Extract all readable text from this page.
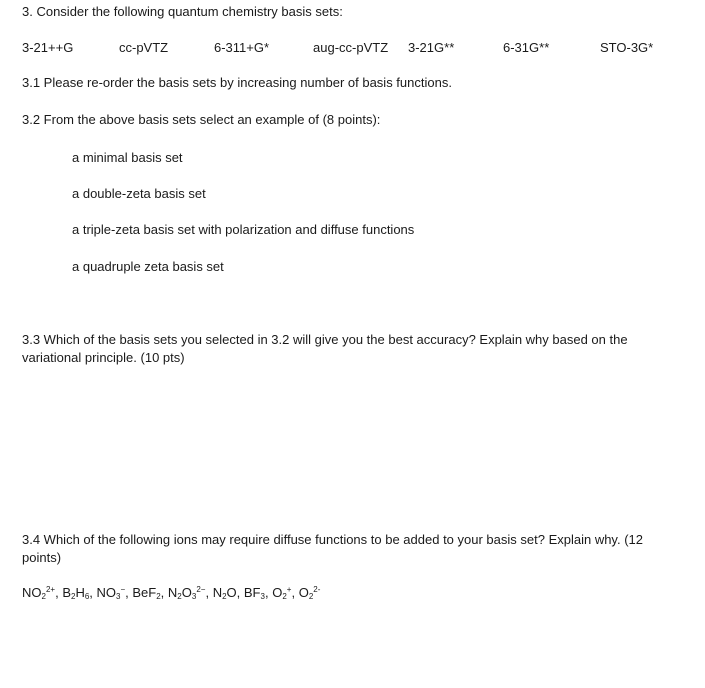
3. Consider the following quantum chemistry basis sets:
3-21++G	cc-pVTZ	6-311+G*	aug-cc-pVTZ 3-21G**	6-31G**	STO-3G*
3.1 Please re-order the basis sets by increasing number of basis functions.
3.2 From the above basis sets select an example of (8 points):
a minimal basis set
a double-zeta basis set
a triple-zeta basis set with polarization and diffuse functions
a quadruple zeta basis set
3.3 Which of the basis sets you selected in 3.2 will give you the best accuracy? Explain why based on the variational principle. (10 pts)
3.4 Which of the following ions may require diffuse functions to be added to your basis set? Explain why. (12 points)
$NO_2^{2+}$, $B_2H_6$, $NO_3^-$, BeF$_2$, $N_2O_3^{2-}$, $N_2O$, $BF_3$, $O_2^+$, $O_2^{2-}$
